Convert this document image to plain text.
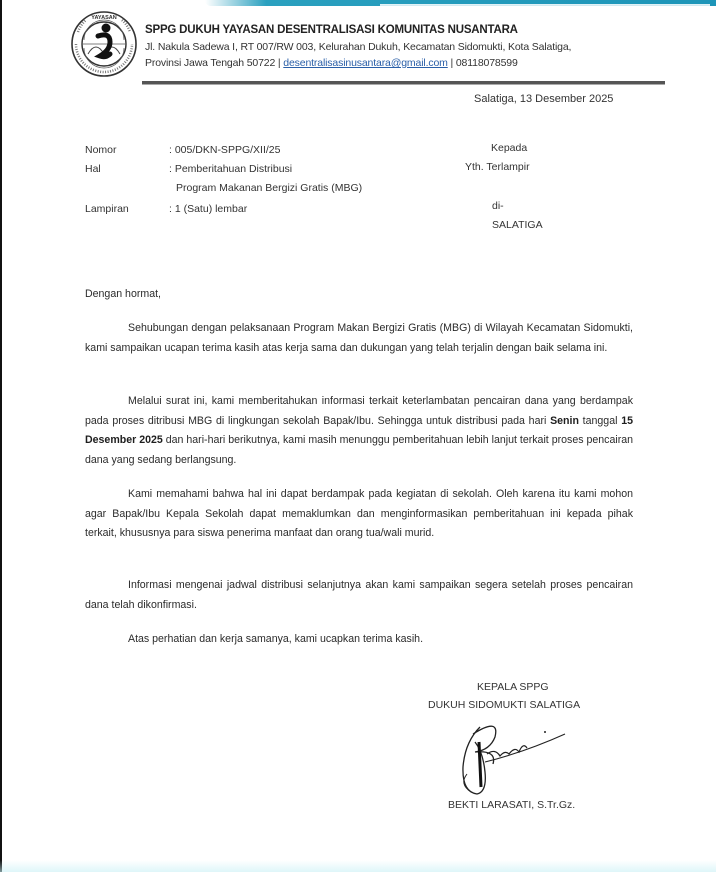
YAYASAN
SPPG DUKUH YAYASAN DESENTRALISASI KOMUNITAS NUSANTARA
Jl. Nakula Sadewa I, RT 007/RW 003, Kelurahan Dukuh, Kecamatan Sidomukti, Kota Salatiga,
Provinsi Jawa Tengah 50722 | desentralisasinusantara@gmail.com | 08118078599
Salatiga, 13 Desember 2025
Nomor	: 005/DKN-SPPG/XII/25
Hal	: Pemberitahuan Distribusi
Program Makanan Bergizi Gratis (MBG)
Lampiran	: 1 (Satu) lembar
Kepada
Yth. Terlampir
di-
SALATIGA
Dengan hormat,
Sehubungan dengan pelaksanaan Program Makan Bergizi Gratis (MBG) di Wilayah Kecamatan Sidomukti, kami sampaikan ucapan terima kasih atas kerja sama dan dukungan yang telah terjalin dengan baik selama ini.
Melalui surat ini, kami memberitahukan informasi terkait keterlambatan pencairan dana yang berdampak pada proses ditribusi MBG di lingkungan sekolah Bapak/Ibu. Sehingga untuk distribusi pada hari Senin tanggal 15 Desember 2025 dan hari-hari berikutnya, kami masih menunggu pemberitahuan lebih lanjut terkait proses pencairan dana yang sedang berlangsung.
Kami memahami bahwa hal ini dapat berdampak pada kegiatan di sekolah. Oleh karena itu kami mohon agar Bapak/Ibu Kepala Sekolah dapat memaklumkan dan menginformasikan pemberitahuan ini kepada pihak terkait, khususnya para siswa penerima manfaat dan orang tua/wali murid.
Informasi mengenai jadwal distribusi selanjutnya akan kami sampaikan segera setelah proses pencairan dana telah dikonfirmasi.
Atas perhatian dan kerja samanya, kami ucapkan terima kasih.
KEPALA SPPG
DUKUH SIDOMUKTI SALATIGA
BEKTI LARASATI, S.Tr.Gz.
